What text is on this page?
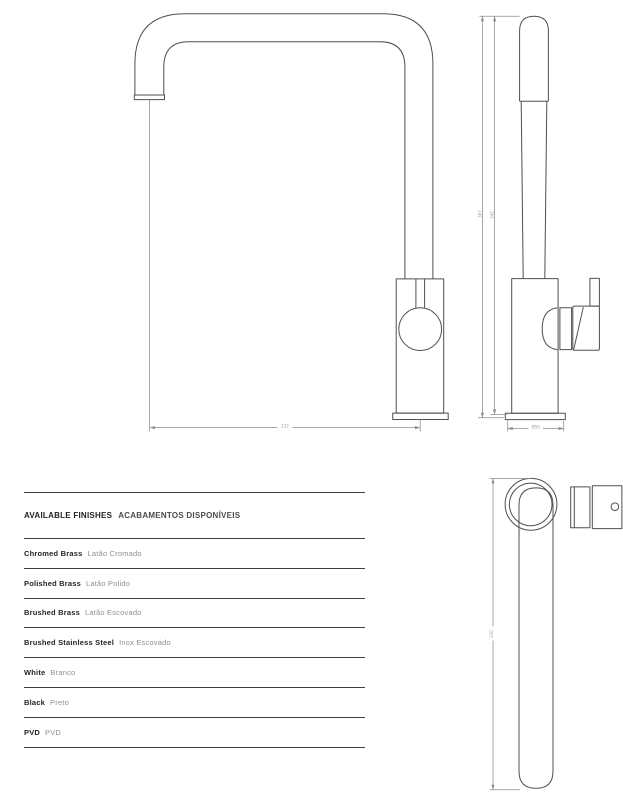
232
367 342
Ø50
220
AVAILABLE FINISHES ACABAMENTOS DISPONÍVEIS
Chromed Brass Latão Cromado
Polished Brass Latão Polido
Brushed Brass Latão Escovado
Brushed Stainless Steel Inox Escovado
White Branco
Black Preto
PVD PVD
